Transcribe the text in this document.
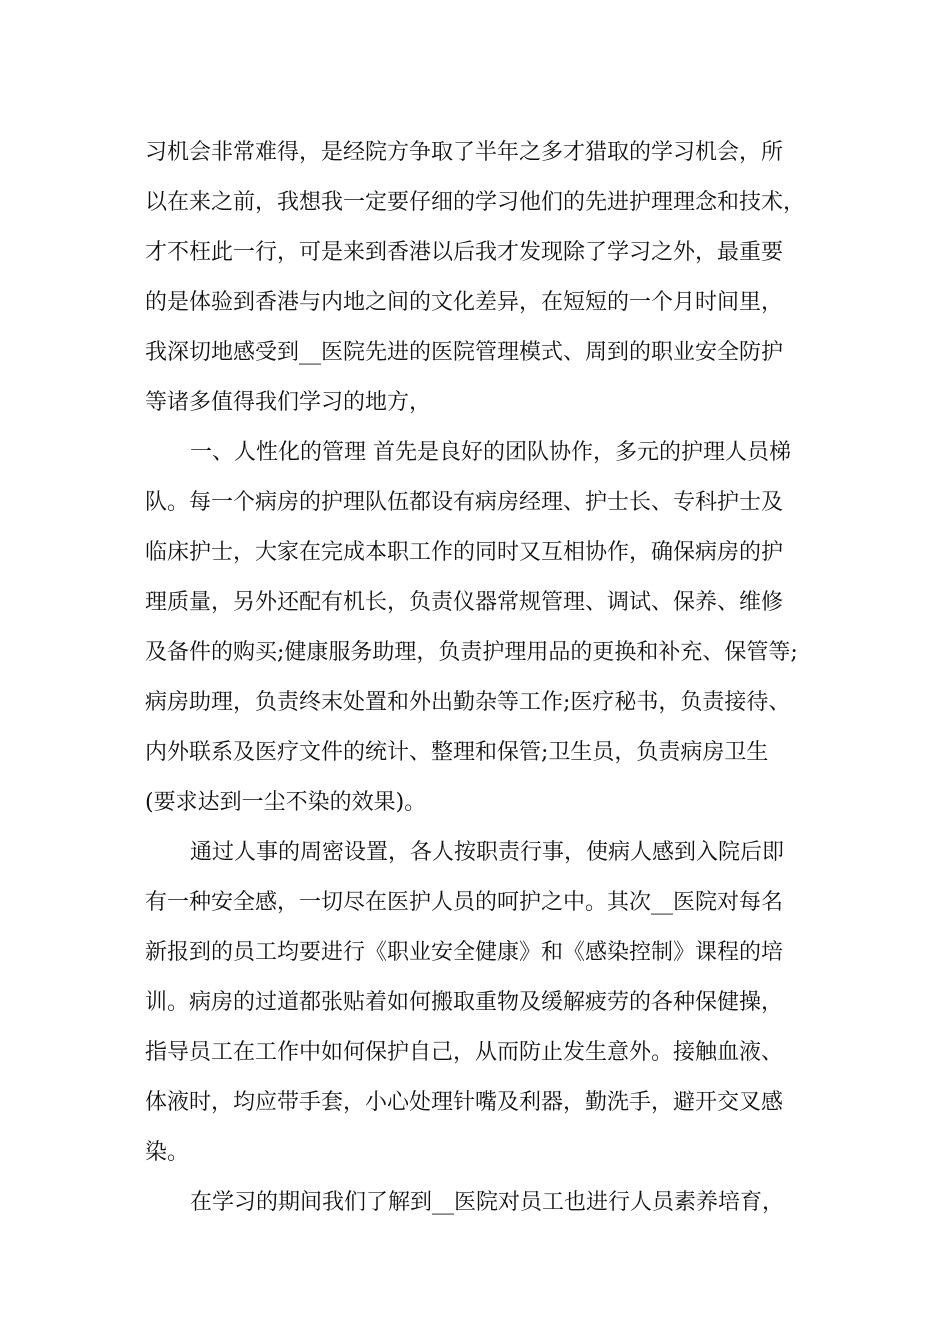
习机会非常难得，是经院方争取了半年之多才猎取的学习机会，所
以在来之前，我想我一定要仔细的学习他们的先进护理理念和技术，
才不枉此一行，可是来到香港以后我才发现除了学习之外，最重要
的是体验到香港与内地之间的文化差异，在短短的一个月时间里，
我深切地感受到__医院先进的医院管理模式、周到的职业安全防护
等诸多值得我们学习的地方，
一、人性化的管理 首先是良好的团队协作，多元的护理人员梯
队。每一个病房的护理队伍都设有病房经理、护士长、专科护士及
临床护士，大家在完成本职工作的同时又互相协作，确保病房的护
理质量，另外还配有机长，负责仪器常规管理、调试、保养、维修
及备件的购买;健康服务助理，负责护理用品的更换和补充、保管等;
病房助理，负责终末处置和外出勤杂等工作;医疗秘书，负责接待、
内外联系及医疗文件的统计、整理和保管;卫生员，负责病房卫生
(要求达到一尘不染的效果)。
通过人事的周密设置，各人按职责行事，使病人感到入院后即
有一种安全感，一切尽在医护人员的呵护之中。其次__医院对每名
新报到的员工均要进行《职业安全健康》和《感染控制》课程的培
训。病房的过道都张贴着如何搬取重物及缓解疲劳的各种保健操，
指导员工在工作中如何保护自己，从而防止发生意外。接触血液、
体液时，均应带手套，小心处理针嘴及利器，勤洗手，避开交叉感
染。
在学习的期间我们了解到__医院对员工也进行人员素养培育，
